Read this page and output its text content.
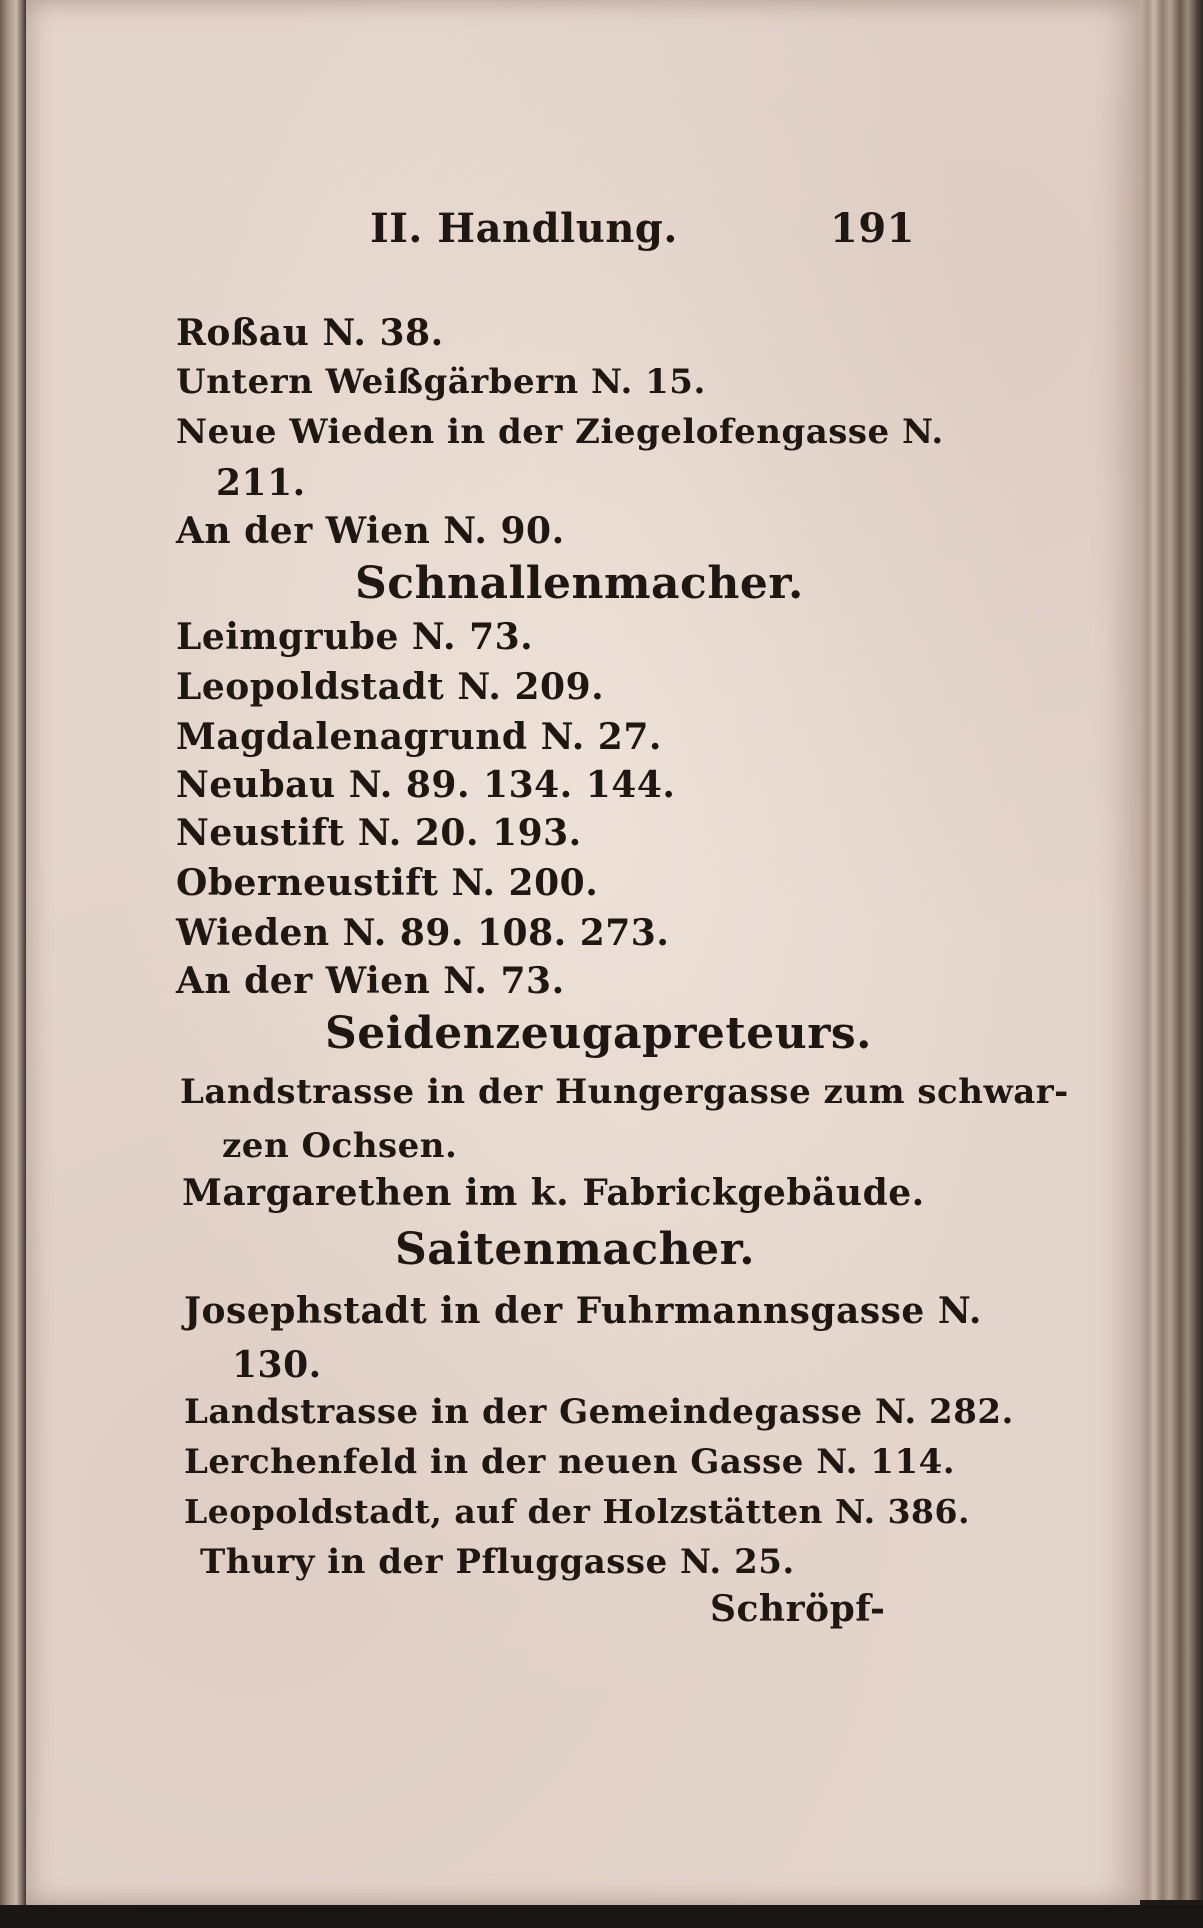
II. Handlung.	191
Roßau N. 38.
Untern Weißgärbern N. 15.
Neue Wieden in der Ziegelofengasse N.
211.
An der Wien N. 90.
Schnallenmacher.
Leimgrube N. 73.
Leopoldstadt N. 209.
Magdalenagrund N. 27.
Neubau N. 89. 134. 144.
Neustift N. 20. 193.
Oberneustift N. 200.
Wieden N. 89. 108. 273.
An der Wien N. 73.
Seidenzeugapreteurs.
Landstrasse in der Hungergasse zum schwar-
zen Ochsen.
Margarethen im k. Fabrickgebäude.
Saitenmacher.
Josephstadt in der Fuhrmannsgasse N.
130.
Landstrasse in der Gemeindegasse N. 282.
Lerchenfeld in der neuen Gasse N. 114.
Leopoldstadt, auf der Holzstätten N. 386.
Thury in der Pfluggasse N. 25.
Schröpf-
